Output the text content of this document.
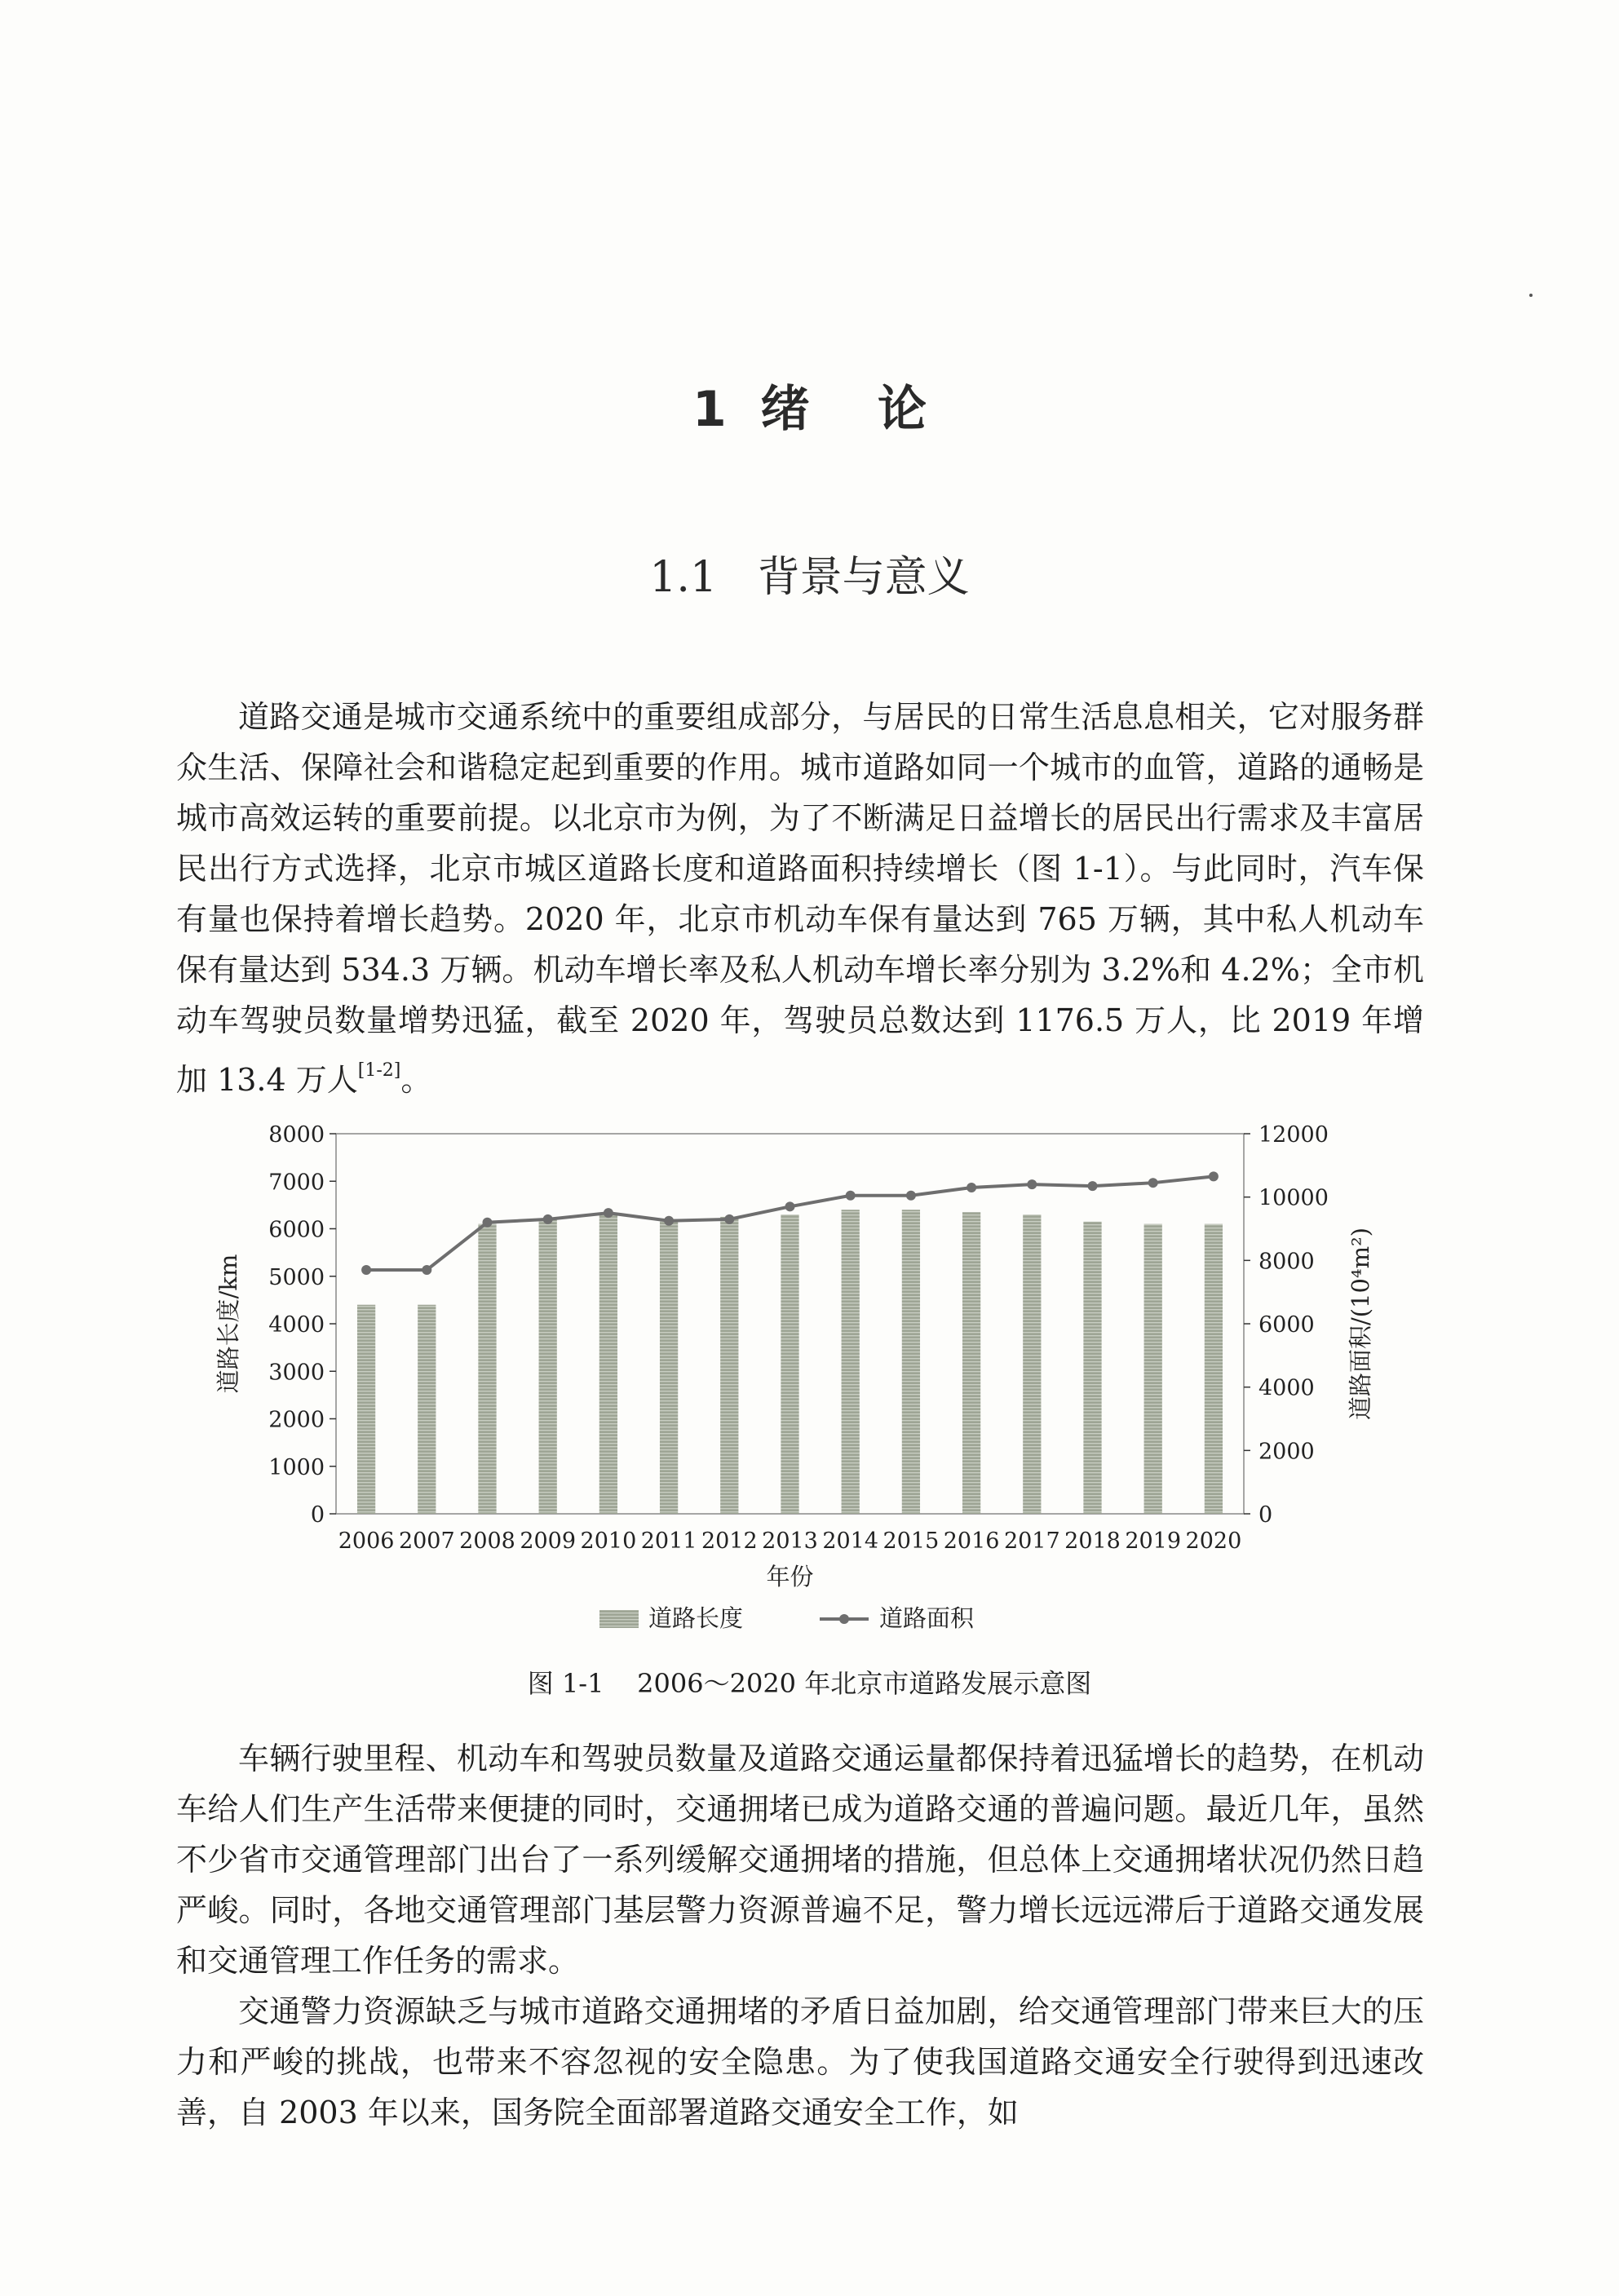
1  绪    论
1.1   背景与意义

道路交通是城市交通系统中的重要组成部分，与居民的日常生活息息相关，它对服务群众生活、保障社会和谐稳定起到重要的作用。城市道路如同一个城市的血管，道路的通畅是城市高效运转的重要前提。以北京市为例，为了不断满足日益增长的居民出行需求及丰富居民出行方式选择，北京市城区道路长度和道路面积持续增长（图 1-1）。与此同时，汽车保有量也保持着增长趋势。2020 年，北京市机动车保有量达到 765 万辆，其中私人机动车保有量达到 534.3 万辆。机动车增长率及私人机动车增长率分别为 3.2%和 4.2%；全市机动车驾驶员数量增势迅猛，截至 2020 年，驾驶员总数达到 1176.5 万人，比 2019 年增加 13.4 万人[1-2]。

0
1000
2000
3000
4000
5000
6000
7000
8000
0
2000
4000
6000
8000
10000
12000
2006 2007 2008 2009 2010 2011 2012 2013 2014 2015 2016 2017 2018 2019 2020
年份
道路长度/km	道路面积/(10⁴m²)
道路长度	道路面积
图 1-1    2006～2020 年北京市道路发展示意图

车辆行驶里程、机动车和驾驶员数量及道路交通运量都保持着迅猛增长的趋势，在机动车给人们生产生活带来便捷的同时，交通拥堵已成为道路交通的普遍问题。最近几年，虽然不少省市交通管理部门出台了一系列缓解交通拥堵的措施，但总体上交通拥堵状况仍然日趋严峻。同时，各地交通管理部门基层警力资源普遍不足，警力增长远远滞后于道路交通发展和交通管理工作任务的需求。

交通警力资源缺乏与城市道路交通拥堵的矛盾日益加剧，给交通管理部门带来巨大的压力和严峻的挑战，也带来不容忽视的安全隐患。为了使我国道路交通安全行驶得到迅速改善，自 2003 年以来，国务院全面部署道路交通安全工作，如
